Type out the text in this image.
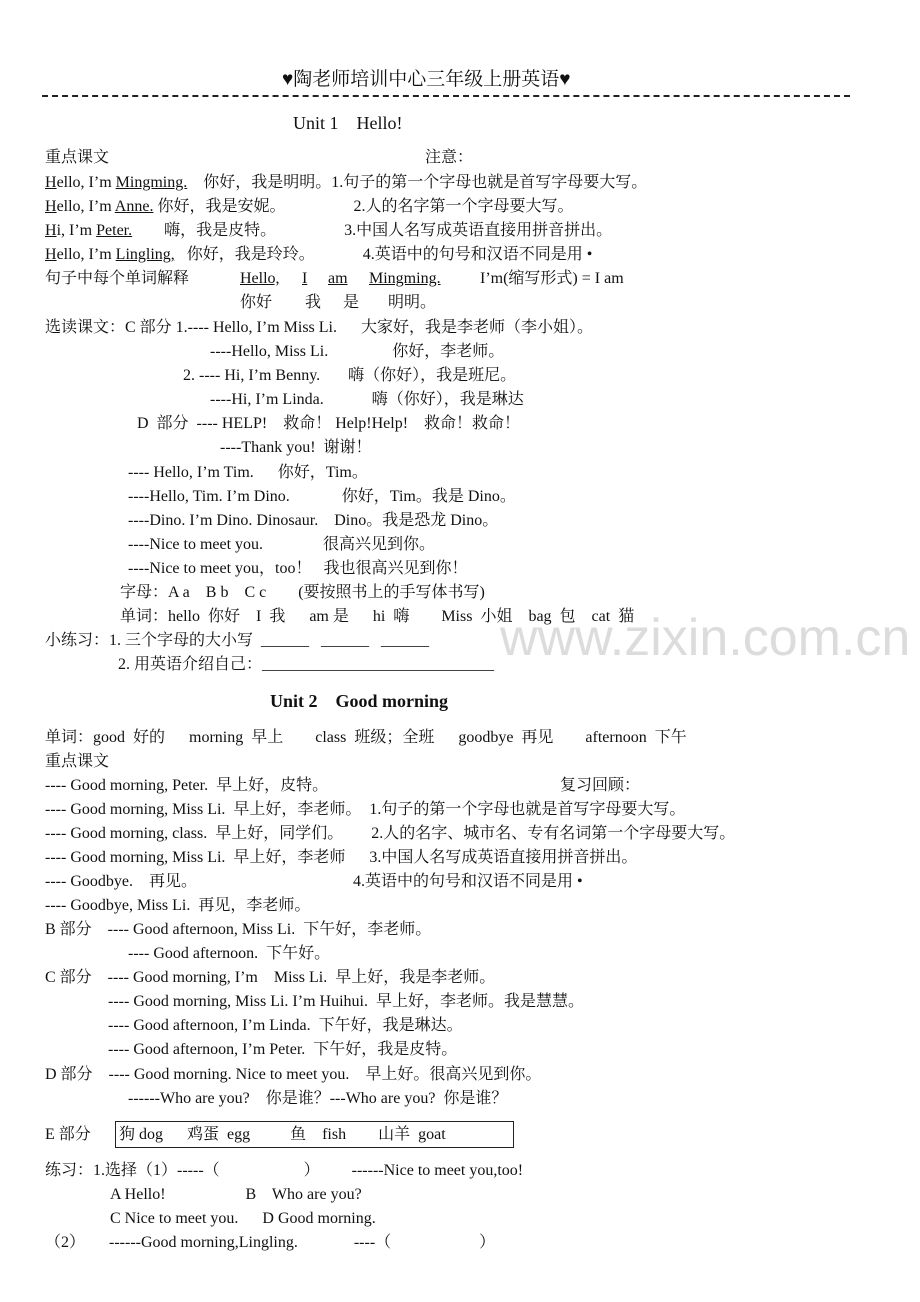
www.zixin.com.cn
♥陶老师培训中心三年级上册英语♥
Unit 1    Hello!
重点课文	注意：
Hello, I’m Mingming.    你好，我是明明。1.句子的第一个字母也就是首写字母要大写。
Hello, I’m Anne. 你好，我是安妮。                 2.人的名字第一个字母要大写。
Hi, I’m Peter.        嗨，我是皮特。                 3.中国人名写成英语直接用拼音拼出。
Hello, I’m Lingling,   你好，我是玲玲。            4.英语中的句号和汉语不同是用 •
句子中每个单词解释	Hello, I am Mingming. I’m(缩写形式) = I am
你好 我 是 明明。
选读课文：C 部分 1.---- Hello, I’m Miss Li.      大家好，我是李老师（李小姐）。
----Hello, Miss Li.                你好，李老师。
2. ---- Hi, I’m Benny.       嗨（你好），我是班尼。
----Hi, I’m Linda.            嗨（你好），我是琳达
D  部分  ---- HELP!    救命！ Help!Help!    救命！救命！
----Thank you!  谢谢！
---- Hello, I’m Tim.      你好，Tim。
----Hello, Tim. I’m Dino.             你好，Tim。我是 Dino。
----Dino. I’m Dino. Dinosaur.    Dino。我是恐龙 Dino。
----Nice to meet you.               很高兴见到你。
----Nice to meet you，too！   我也很高兴见到你！
字母：A a    B b    C c        (要按照书上的手写体书写)
单词：hello  你好    I  我      am 是      hi  嗨        Miss  小姐    bag  包    cat  猫
小练习：1. 三个字母的大小写  ______   ______   ______
2. 用英语介绍自己：_____________________________
Unit 2    Good morning
单词：good  好的      morning  早上        class  班级；全班      goodbye  再见        afternoon  下午
重点课文
复习回顾：
---- Good morning, Peter.  早上好，皮特。
---- Good morning, Miss Li.  早上好，李老师。  1.句子的第一个字母也就是首写字母要大写。
---- Good morning, class.  早上好，同学们。       2.人的名字、城市名、专有名词第一个字母要大写。
---- Good morning, Miss Li.  早上好，李老师      3.中国人名写成英语直接用拼音拼出。
---- Goodbye.    再见。                                       4.英语中的句号和汉语不同是用 •
---- Goodbye, Miss Li.  再见，李老师。
B 部分    ---- Good afternoon, Miss Li.  下午好，李老师。
---- Good afternoon.  下午好。
C 部分    ---- Good morning, I’m    Miss Li.  早上好，我是李老师。
---- Good morning, Miss Li. I’m Huihui.  早上好，李老师。我是慧慧。
---- Good afternoon, I’m Linda.  下午好，我是琳达。
---- Good afternoon, I’m Peter.  下午好，我是皮特。
D 部分    ---- Good morning. Nice to meet you.    早上好。很高兴见到你。
------Who are you?    你是谁？---Who are you?  你是谁？
E 部分 狗 dog      鸡蛋  egg          鱼    fish        山羊  goat
练习：1.选择（1）-----（                     ）        ------Nice to meet you,too!
A Hello!                    B    Who are you?
C Nice to meet you.      D Good morning.
（2）      ------Good morning,Lingling.              ----（                      ）
